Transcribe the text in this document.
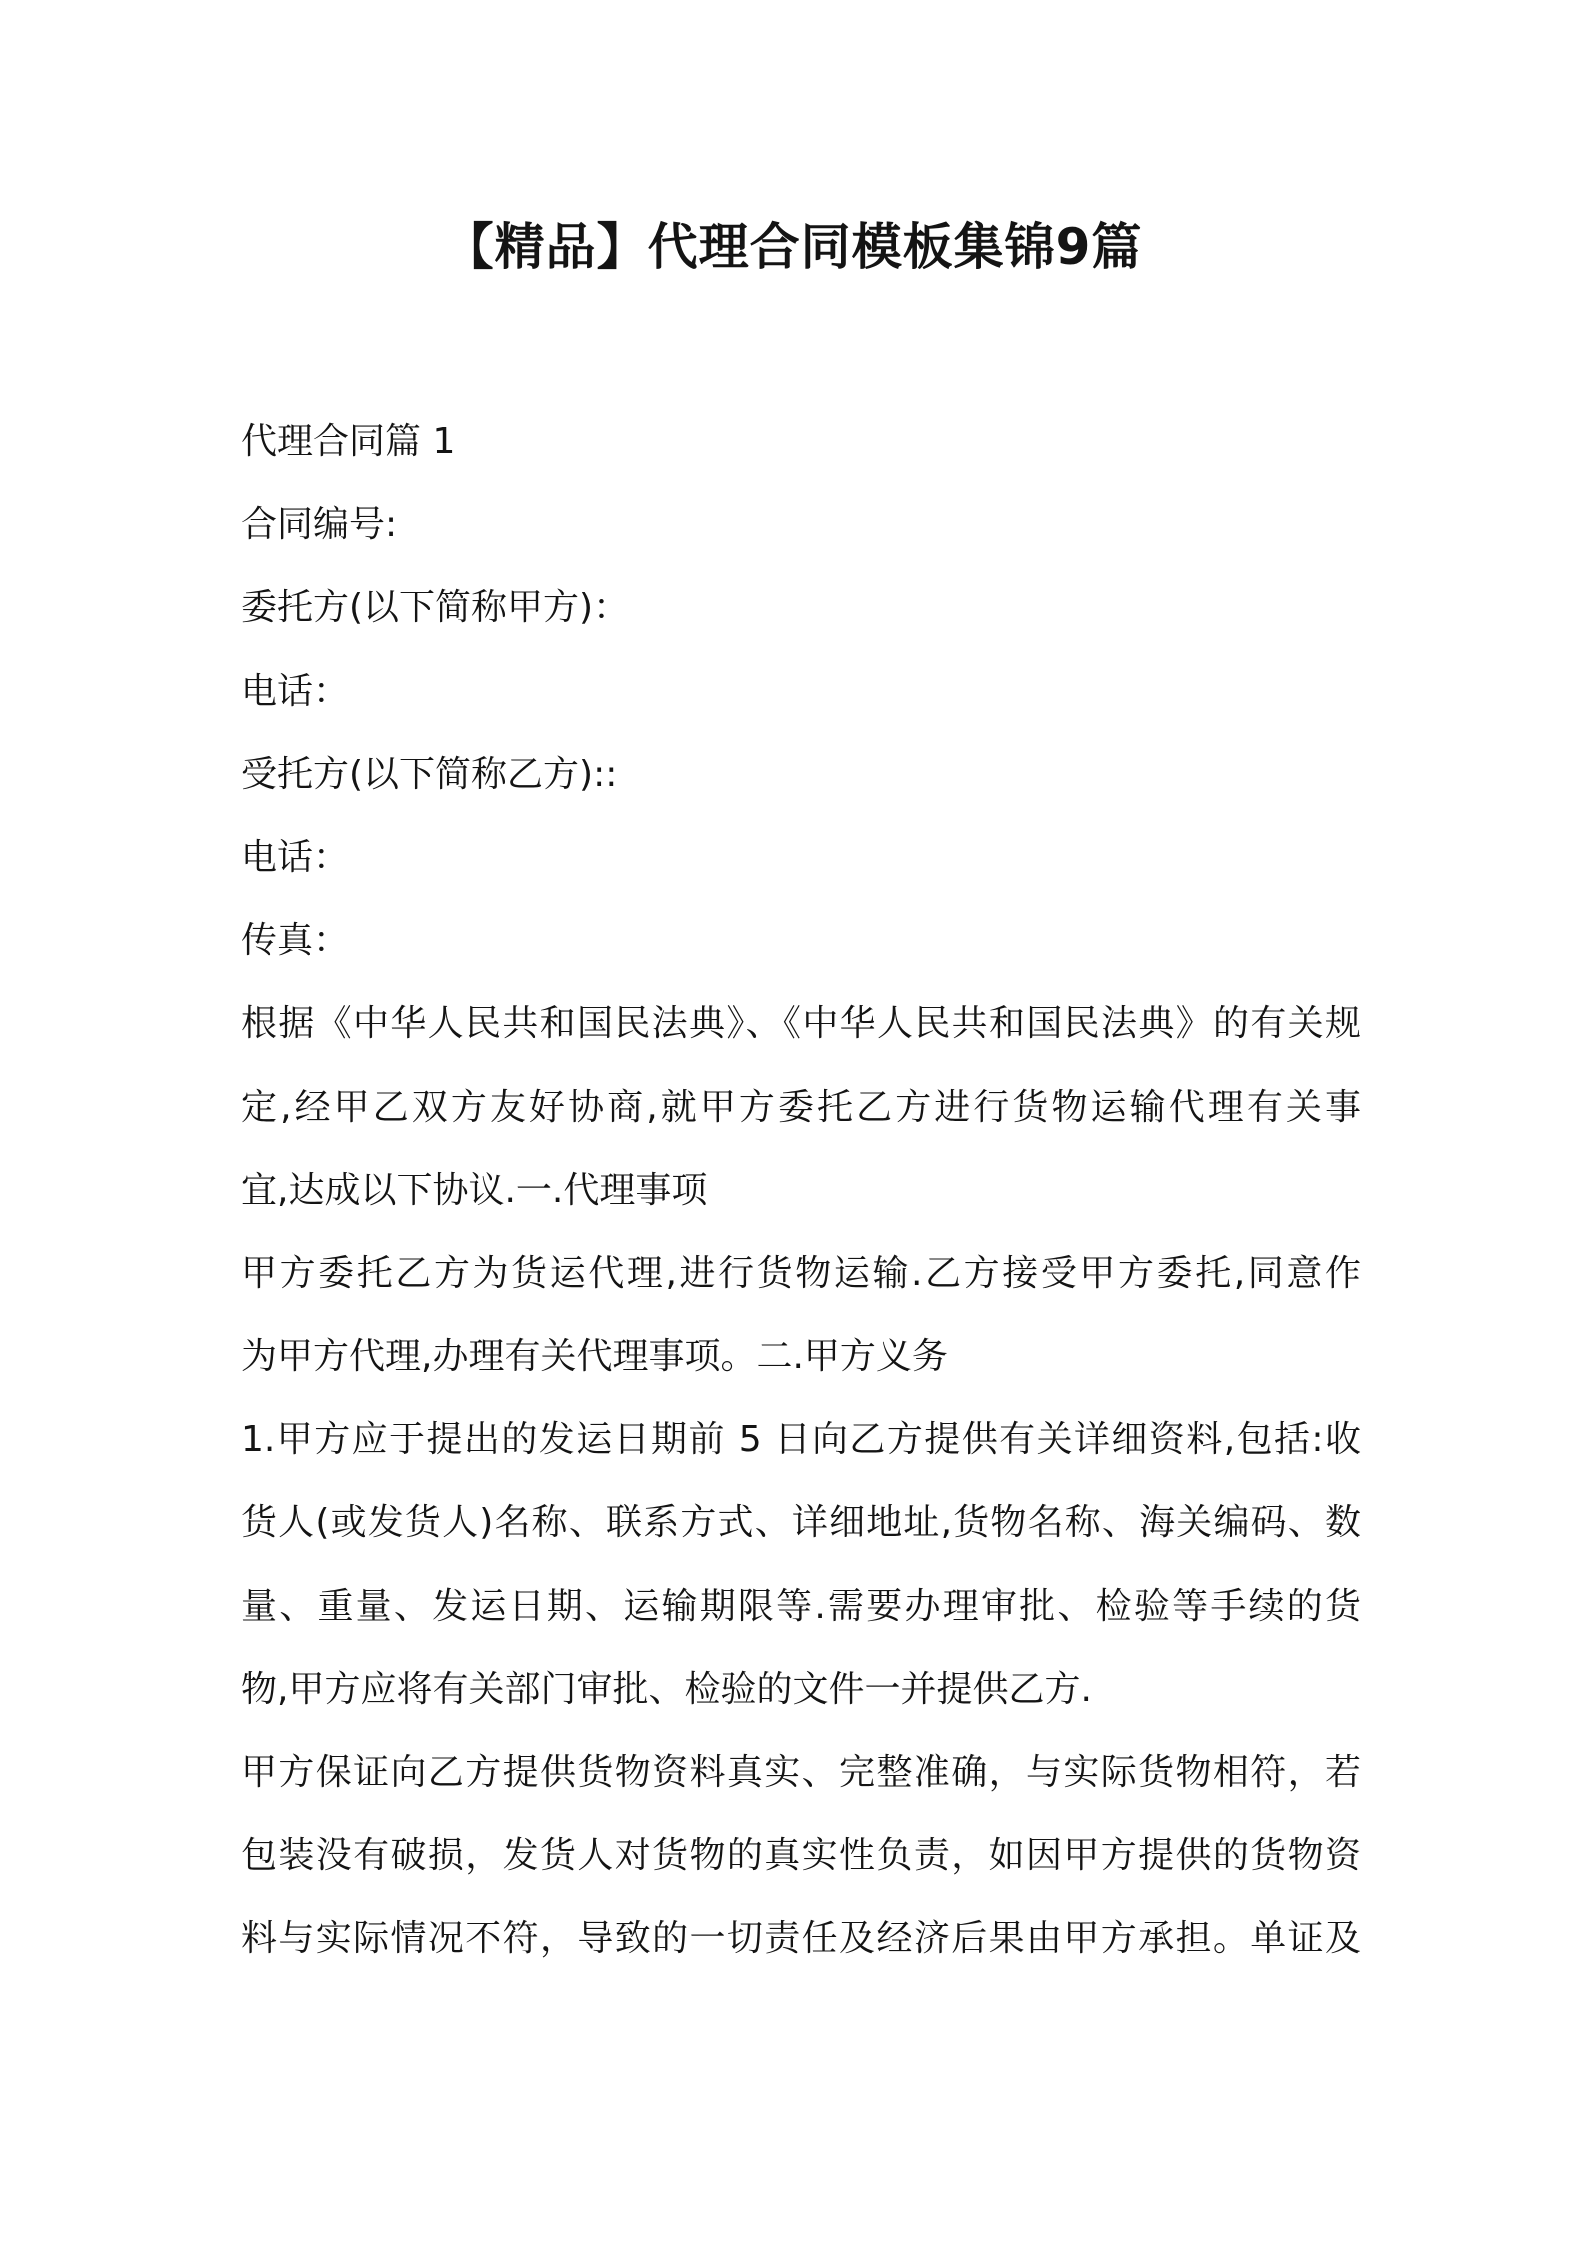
【精品】代理合同模板集锦9篇
代理合同篇 1
合同编号:
委托方(以下简称甲方)：
电话：
受托方(以下简称乙方)::
电话：
传真：
根据《中华人民共和国民法典》、《中华人民共和国民法典》的有关规
定,经甲乙双方友好协商,就甲方委托乙方进行货物运输代理有关事
宜,达成以下协议.一.代理事项
甲方委托乙方为货运代理,进行货物运输.乙方接受甲方委托,同意作
为甲方代理,办理有关代理事项。二.甲方义务
1.甲方应于提出的发运日期前 5 日向乙方提供有关详细资料,包括:收
货人(或发货人)名称、联系方式、详细地址,货物名称、海关编码、数
量、重量、发运日期、运输期限等.需要办理审批、检验等手续的货
物,甲方应将有关部门审批、检验的文件一并提供乙方.
甲方保证向乙方提供货物资料真实、完整准确，与实际货物相符，若
包装没有破损，发货人对货物的真实性负责，如因甲方提供的货物资
料与实际情况不符，导致的一切责任及经济后果由甲方承担。单证及
